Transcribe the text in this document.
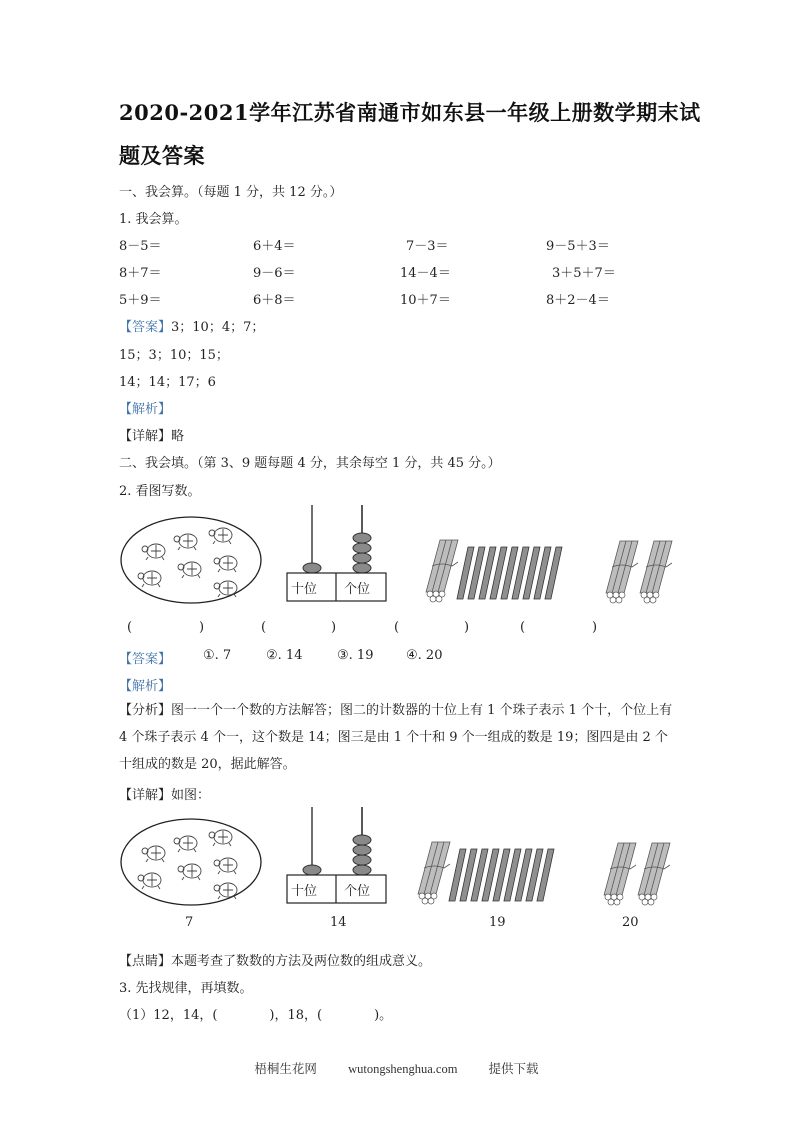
2020-2021学年江苏省南通市如东县一年级上册数学期末试
题及答案
一、我会算。（每题 1 分，共 12 分。）
1. 我会算。
8－5＝	6＋4＝	7－3＝	9－5＋3＝
8＋7＝	9－6＝	14－4＝	3＋5＋7＝
5＋9＝	6＋8＝	10＋7＝	8＋2－4＝
【答案】3；10；4；7；
15；3；10；15；
14；14；17；6
【解析】
【详解】略
二、我会填。（第 3、9 题每题 4 分，其余每空 1 分，共 45 分。）
2. 看图写数。
十位 个位
(	)	(	)	(	)	(	)
【答案】 ①. 7	②. 14	③. 19	④. 20
【解析】
【分析】图一一个一个数的方法解答；图二的计数器的十位上有 1 个珠子表示 1 个十，个位上有 4 个珠子表示 4 个一，这个数是 14；图三是由 1 个十和 9 个一组成的数是 19；图四是由 2 个十组成的数是 20，据此解答。
【详解】如图：
十位 个位
7	14	19	20
【点睛】本题考查了数数的方法及两位数的组成意义。
3. 先找规律，再填数。
（1）12，14，(　　　　)，18，(　　　　)。
梧桐生花网 wutongshenghua.com 提供下载
